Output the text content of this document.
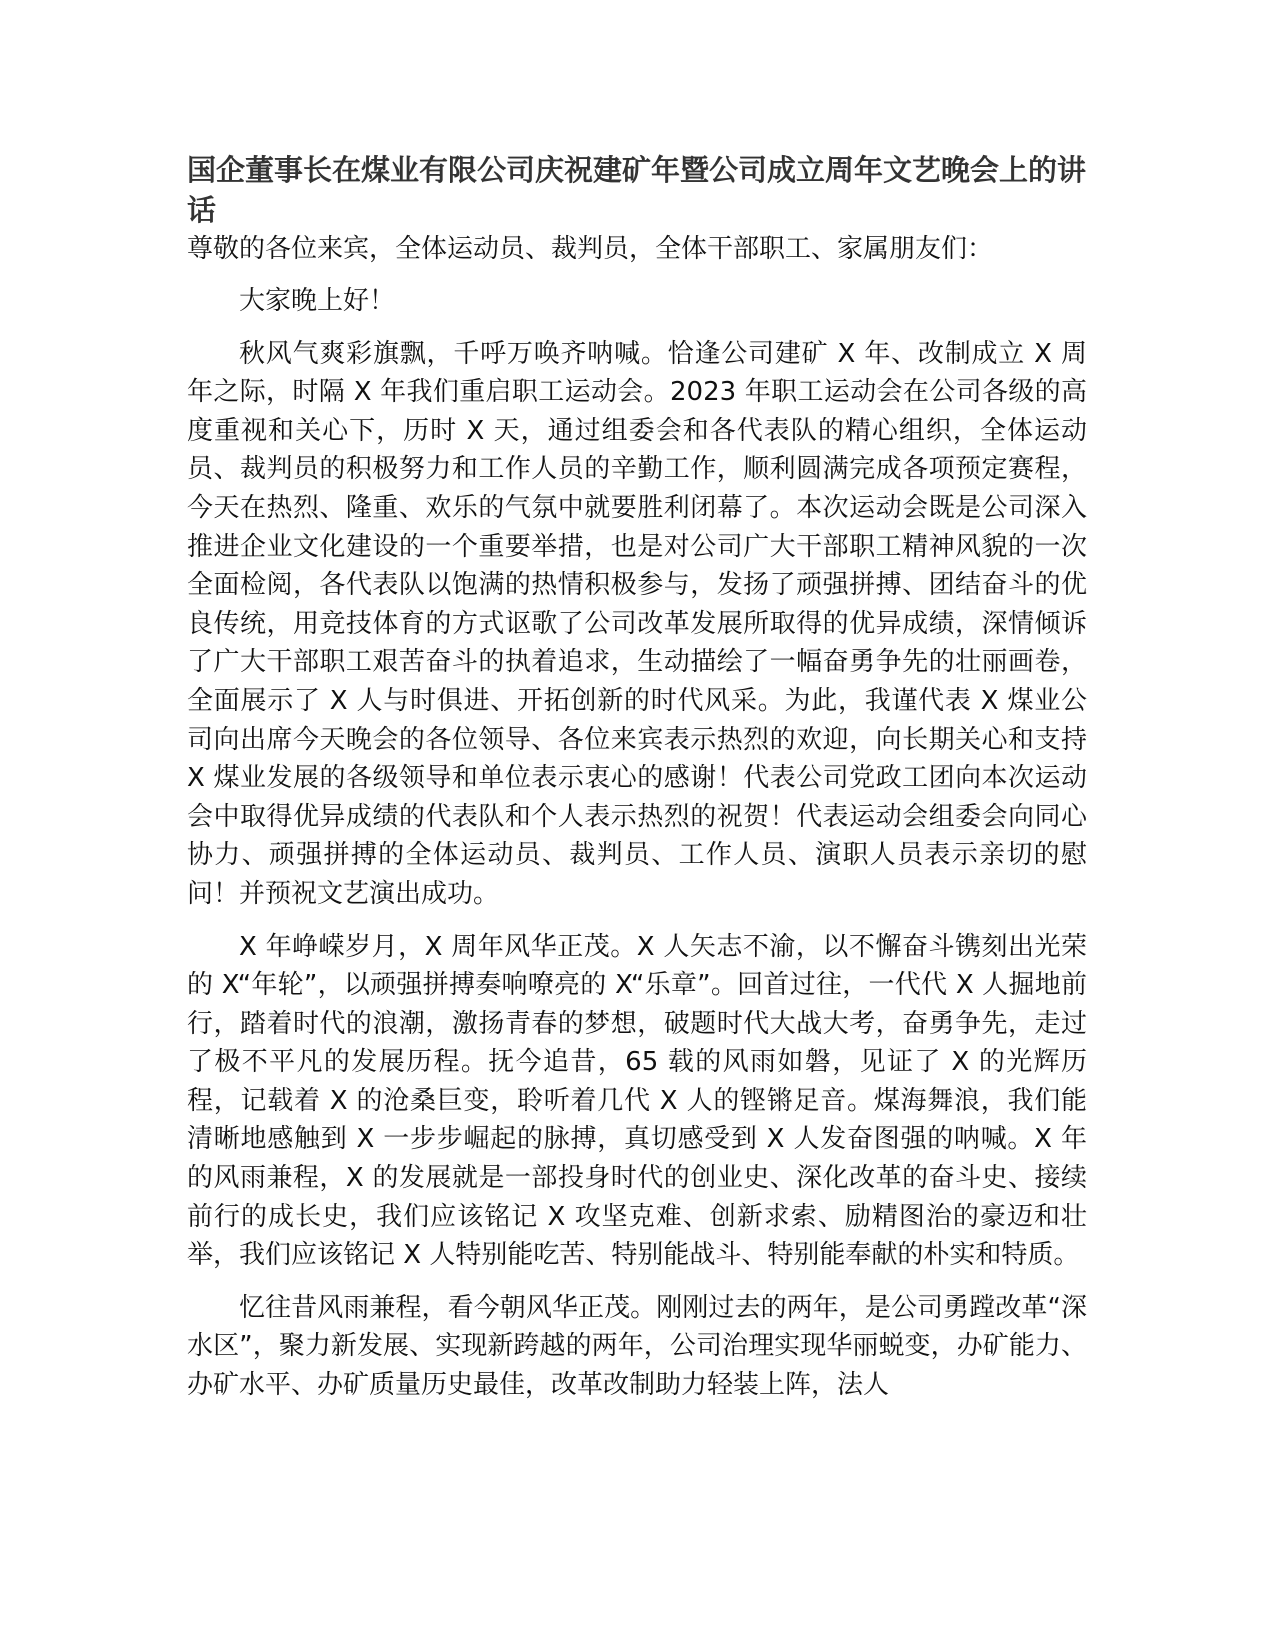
国企董事长在煤业有限公司庆祝建矿年暨公司成立周年文艺晚会上的讲话

尊敬的各位来宾，全体运动员、裁判员，全体干部职工、家属朋友们：

大家晚上好！

秋风气爽彩旗飘，千呼万唤齐呐喊。恰逢公司建矿 X 年、改制成立 X 周年之际，时隔 X 年我们重启职工运动会。2023 年职工运动会在公司各级的高度重视和关心下，历时 X 天，通过组委会和各代表队的精心组织，全体运动员、裁判员的积极努力和工作人员的辛勤工作，顺利圆满完成各项预定赛程，今天在热烈、隆重、欢乐的气氛中就要胜利闭幕了。本次运动会既是公司深入推进企业文化建设的一个重要举措，也是对公司广大干部职工精神风貌的一次全面检阅，各代表队以饱满的热情积极参与，发扬了顽强拼搏、团结奋斗的优良传统，用竞技体育的方式讴歌了公司改革发展所取得的优异成绩，深情倾诉了广大干部职工艰苦奋斗的执着追求，生动描绘了一幅奋勇争先的壮丽画卷，全面展示了 X 人与时俱进、开拓创新的时代风采。为此，我谨代表 X 煤业公司向出席今天晚会的各位领导、各位来宾表示热烈的欢迎，向长期关心和支持 X 煤业发展的各级领导和单位表示衷心的感谢！代表公司党政工团向本次运动会中取得优异成绩的代表队和个人表示热烈的祝贺！代表运动会组委会向同心协力、顽强拼搏的全体运动员、裁判员、工作人员、演职人员表示亲切的慰问！并预祝文艺演出成功。

X 年峥嵘岁月，X 周年风华正茂。X 人矢志不渝，以不懈奋斗镌刻出光荣的 X“年轮”，以顽强拼搏奏响嘹亮的 X“乐章”。回首过往，一代代 X 人掘地前行，踏着时代的浪潮，激扬青春的梦想，破题时代大战大考，奋勇争先，走过了极不平凡的发展历程。抚今追昔，65 载的风雨如磐，见证了 X 的光辉历程，记载着 X 的沧桑巨变，聆听着几代 X 人的铿锵足音。煤海舞浪，我们能清晰地感触到 X 一步步崛起的脉搏，真切感受到 X 人发奋图强的呐喊。X 年的风雨兼程，X 的发展就是一部投身时代的创业史、深化改革的奋斗史、接续前行的成长史，我们应该铭记 X 攻坚克难、创新求索、励精图治的豪迈和壮举，我们应该铭记 X 人特别能吃苦、特别能战斗、特别能奉献的朴实和特质。

忆往昔风雨兼程，看今朝风华正茂。刚刚过去的两年，是公司勇蹚改革“深水区”，聚力新发展、实现新跨越的两年，公司治理实现华丽蜕变，办矿能力、办矿水平、办矿质量历史最佳，改革改制助力轻装上阵，法人
